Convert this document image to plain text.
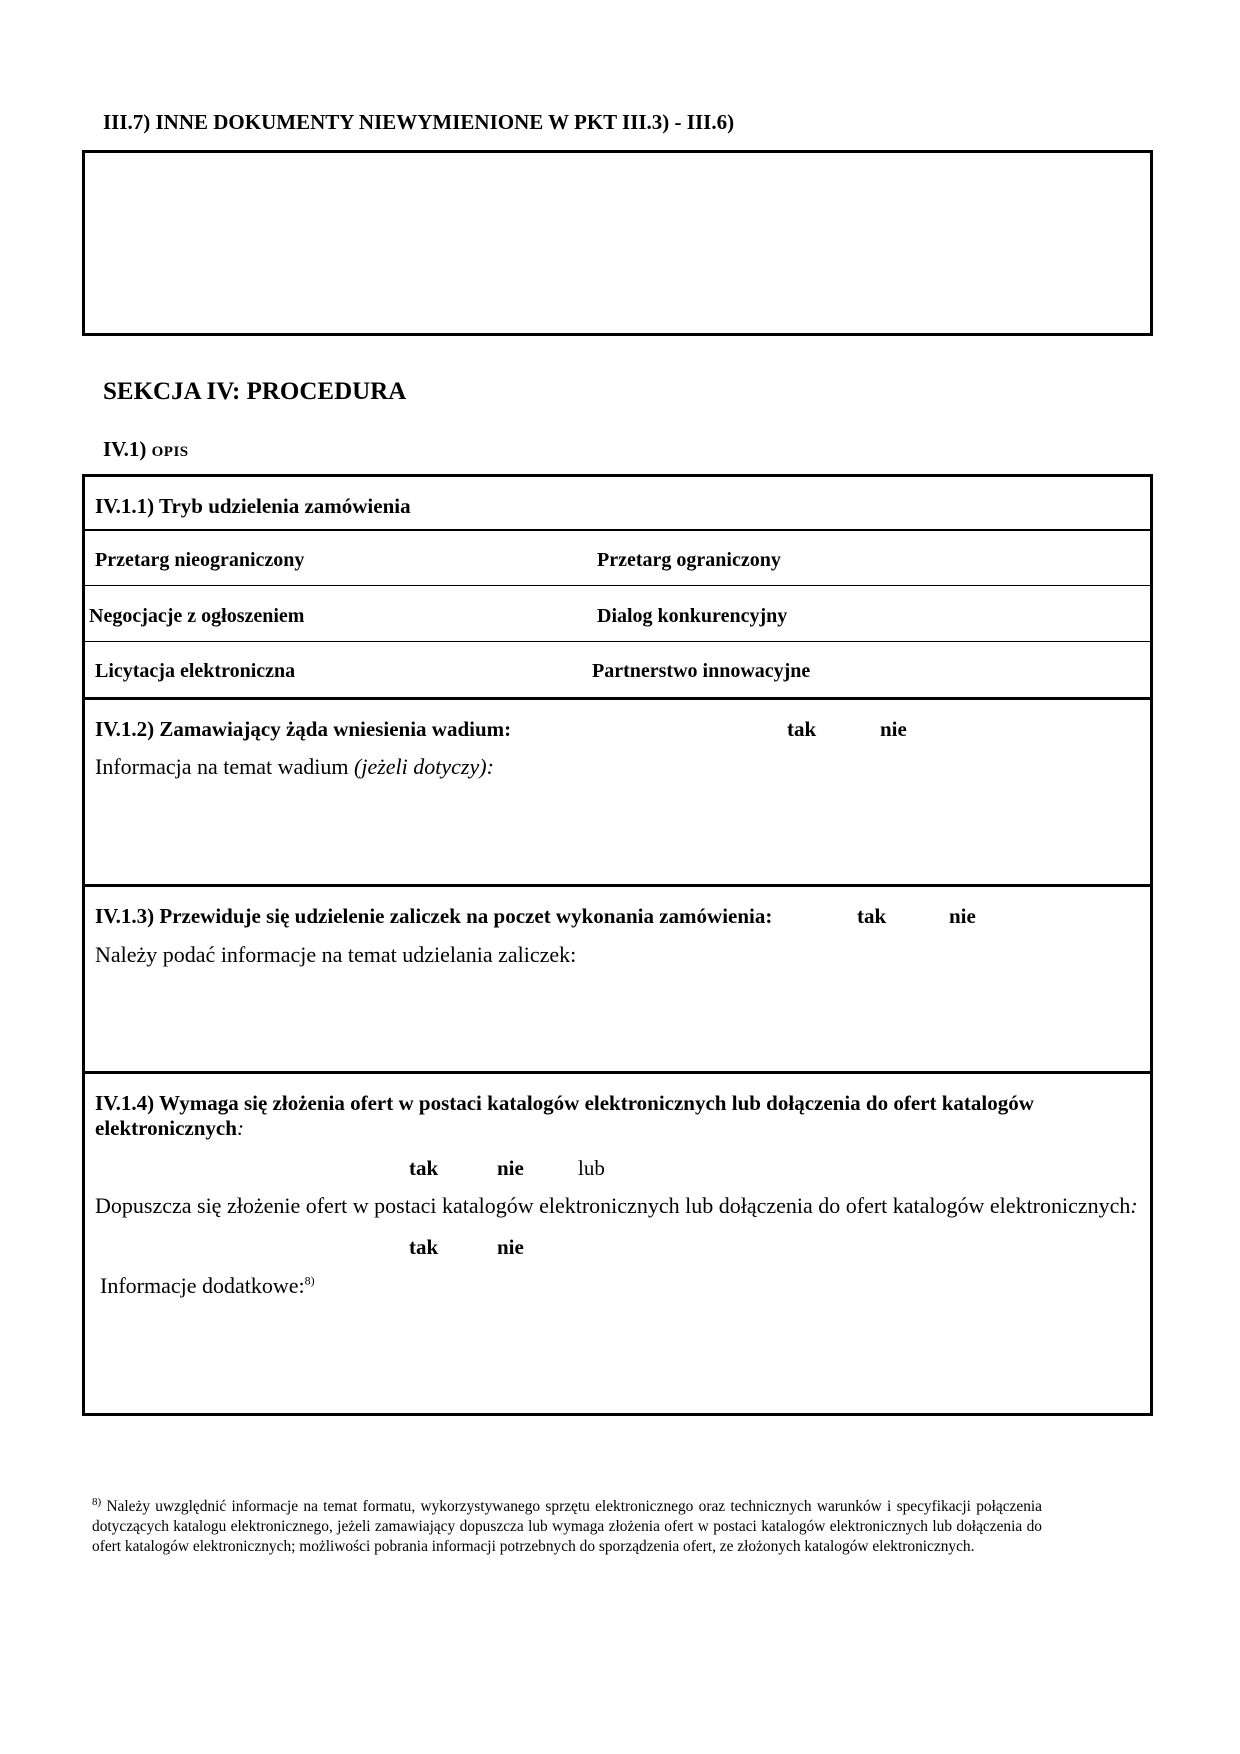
III.7) INNE DOKUMENTY NIEWYMIENIONE W PKT III.3) - III.6)
SEKCJA IV: PROCEDURA
IV.1) OPIS
IV.1.1) Tryb udzielenia zamówienia
Przetarg nieograniczony	Przetarg ograniczony
Negocjacje z ogłoszeniem	Dialog konkurencyjny
Licytacja elektroniczna	Partnerstwo innowacyjne
IV.1.2) Zamawiający żąda wniesienia wadium:	tak	nie
Informacja na temat wadium (jeżeli dotyczy):
IV.1.3) Przewiduje się udzielenie zaliczek na poczet wykonania zamówienia:	tak	nie
Należy podać informacje na temat udzielania zaliczek:
IV.1.4) Wymaga się złożenia ofert w postaci katalogów elektronicznych lub dołączenia do ofert katalogów
elektronicznych:
tak	nie	lub
Dopuszcza się złożenie ofert w postaci katalogów elektronicznych lub dołączenia do ofert katalogów elektronicznych:
tak	nie
Informacje dodatkowe:$^{8)}$
$^{8)}$ Należy uwzględnić informacje na temat formatu, wykorzystywanego sprzętu elektronicznego oraz technicznych warunków i specyfikacji połączenia dotyczących katalogu elektronicznego, jeżeli zamawiający dopuszcza lub wymaga złożenia ofert w postaci katalogów elektronicznych lub dołączenia do ofert katalogów elektronicznych; możliwości pobrania informacji potrzebnych do sporządzenia ofert, ze złożonych katalogów elektronicznych.
